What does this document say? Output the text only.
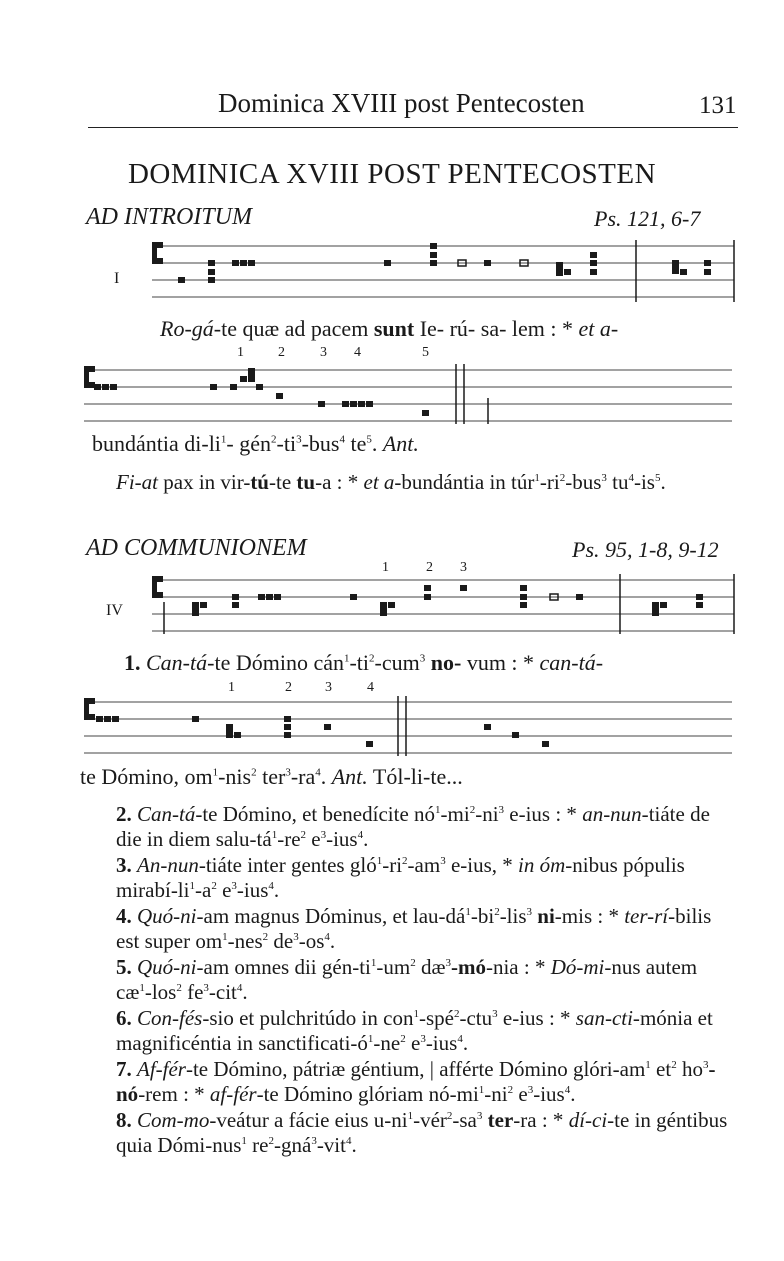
Dominica XVIII post Pentecosten	131
DOMINICA XVIII POST PENTECOSTEN
AD INTROITUM	Ps. 121, 6-7
I
Ro-gá-te quæ ad pacem sunt Ie- rú- sa- lem : * et a-
1 2	3 4	5
bundántia $di-li^1-$ $gén^2-ti^3-bus^4$ $te^5$. Ant.
Fi-at pax in vir-tú-te tu-a : * et a-bundántia in $túr^1-ri^2-bus^3$ $tu^4-is^5$.
AD COMMUNIONEM	Ps. 95, 1-8, 9-12
1	2 3
IV
1. Can-tá-te Dómino $cán^1-ti^2-cum^3$ no- vum : * can-tá-
1	2 3	4
te Dómino, $om^1-nis^2$ $ter^3-ra^4$. Ant. Tól-li-te...
2. Can-tá-te Dómino, et benedícite $nó^1-mi^2-ni^3$ e-ius : * an-nun-tiáte de die in diem salu-$tá^1-re^2$ $e^3-ius^4$.
3. An-nun-tiáte inter gentes $gló^1-ri^2-am^3$ e-ius, * in óm-nibus pópulis mirabí-$li^1-a^2$ $e^3-ius^4$.
4. Quó-ni-am magnus Dóminus, et lau-$dá^1-bi^2-lis^3$ ni-mis : * ter-rí-bilis est super $om^1-nes^2$ $de^3-os^4$.
5. Quó-ni-am omnes dii gén-$ti^1-um^2$ $dæ^3-mó$-nia : * Dó-mi-nus autem $cæ^1-los^2$ $fe^3-cit^4$.
6. Con-fés-sio et pulchritúdo in con$^1$-spé$^2$-ctu$^3$ e-ius : * san-cti-mónia et magnificéntia in sanctificati-$ó^1-ne^2$ $e^3-ius^4$.
7. Af-fér-te Dómino, pátriæ géntium, | afférte Dómino glóri-$am^1$ $et^2$ $ho^3-nó$-rem : * af-fér-te Dómino glóriam $nó-mi^1-ni^2$ $e^3-ius^4$.
8. Com-mo-veátur a fácie eius $u-ni^1-vér^2-sa^3$ ter-ra : * dí-ci-te in géntibus quia Dómi-nus$^1$ $re^2-gná^3-vit^4$.
